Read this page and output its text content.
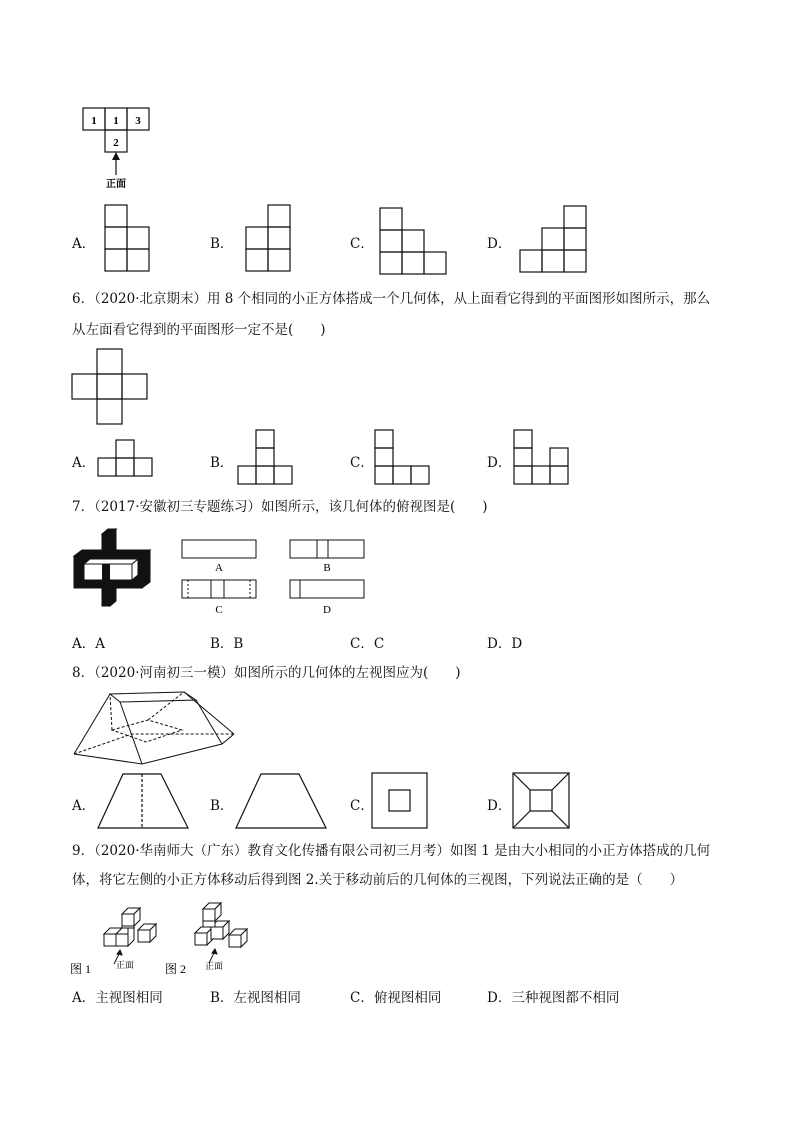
1 1 3
2
正面
A．	B．	C．	D．
6．（2020·北京期末）用 8 个相同的小正方体搭成一个几何体，从上面看它得到的平面图形如图所示，那么
从左面看它得到的平面图形一定不是(　　)
A．	B．	C．	D．
7．（2017·安徽初三专题练习）如图所示，该几何体的俯视图是(　　)
A	B
C	D
A．A	B．B	C．C	D．D
8．（2020·河南初三一模）如图所示的几何体的左视图应为(　　)
A．	B．	C．	D．
9．（2020·华南师大（广东）教育文化传播有限公司初三月考）如图 1 是由大小相同的小正方体搭成的几何
体，将它左侧的小正方体移动后得到图 2.关于移动前后的几何体的三视图，下列说法正确的是（　　）
图 1	正面	图 2 正面
A．主视图相同	B．左视图相同	C．俯视图相同	D．三种视图都不相同
